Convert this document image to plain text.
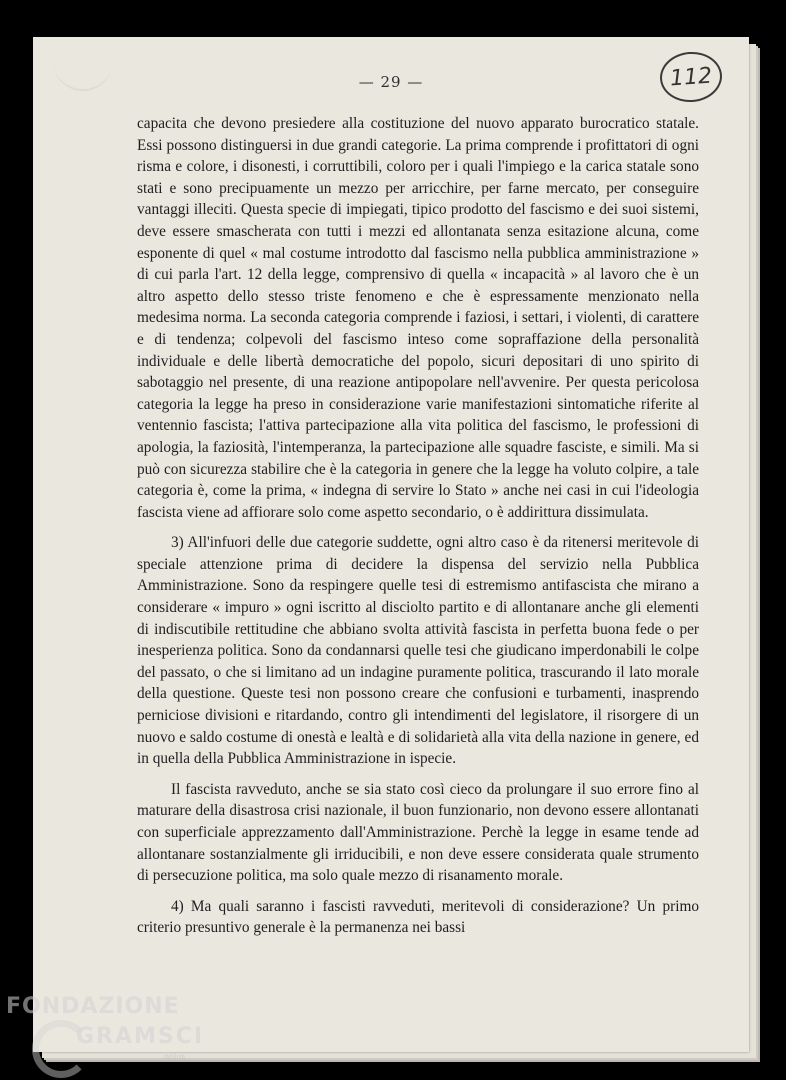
— 29 —	112

capacita che devono presiedere alla costituzione del nuovo apparato burocratico statale. Essi possono distinguersi in due grandi categorie. La prima comprende i profittatori di ogni risma e colore, i disonesti, i corruttibili, coloro per i quali l'impiego e la carica statale sono stati e sono precipuamente un mezzo per arricchire, per farne mercato, per conseguire vantaggi illeciti. Questa specie di impiegati, tipico prodotto del fascismo e dei suoi sistemi, deve essere smascherata con tutti i mezzi ed allontanata senza esitazione alcuna, come esponente di quel « mal costume introdotto dal fascismo nella pubblica amministrazione » di cui parla l'art. 12 della legge, comprensivo di quella « incapacità » al lavoro che è un altro aspetto dello stesso triste fenomeno e che è espressamente menzionato nella medesima norma. La seconda categoria comprende i faziosi, i settari, i violenti, di carattere e di tendenza; colpevoli del fascismo inteso come sopraffazione della personalità individuale e delle libertà democratiche del popolo, sicuri depositari di uno spirito di sabotaggio nel presente, di una reazione antipopolare nell'avvenire. Per questa pericolosa categoria la legge ha preso in considerazione varie manifestazioni sintomatiche riferite al ventennio fascista; l'attiva partecipazione alla vita politica del fascismo, le professioni di apologia, la faziosità, l'intemperanza, la partecipazione alle squadre fasciste, e simili. Ma si può con sicurezza stabilire che è la categoria in genere che la legge ha voluto colpire, a tale categoria è, come la prima, « indegna di servire lo Stato » anche nei casi in cui l'ideologia fascista viene ad affiorare solo come aspetto secondario, o è addirittura dissimulata.

3) All'infuori delle due categorie suddette, ogni altro caso è da ritenersi meritevole di speciale attenzione prima di decidere la dispensa del servizio nella Pubblica Amministrazione. Sono da respingere quelle tesi di estremismo antifascista che mirano a considerare « impuro » ogni iscritto al disciolto partito e di allontanare anche gli elementi di indiscutibile rettitudine che abbiano svolta attività fascista in perfetta buona fede o per inesperienza politica. Sono da condannarsi quelle tesi che giudicano imperdonabili le colpe del passato, o che si limitano ad un indagine puramente politica, trascurando il lato morale della questione. Queste tesi non possono creare che confusioni e turbamenti, inasprendo perniciose divisioni e ritardando, contro gli intendimenti del legislatore, il risorgere di un nuovo e saldo costume di onestà e lealtà e di solidarietà alla vita della nazione in genere, ed in quella della Pubblica Amministrazione in ispecie.

Il fascista ravveduto, anche se sia stato così cieco da prolungare il suo errore fino al maturare della disastrosa crisi nazionale, il buon funzionario, non devono essere allontanati con superficiale apprezzamento dall'Amministrazione. Perchè la legge in esame tende ad allontanare sostanzialmente gli irriducibili, e non deve essere considerata quale strumento di persecuzione politica, ma solo quale mezzo di risanamento morale.

4) Ma quali saranno i fascisti ravveduti, meritevoli di considerazione? Un primo criterio presuntivo generale è la permanenza nei bassi

FONDAZIONE
GRAMSCI
onlus
